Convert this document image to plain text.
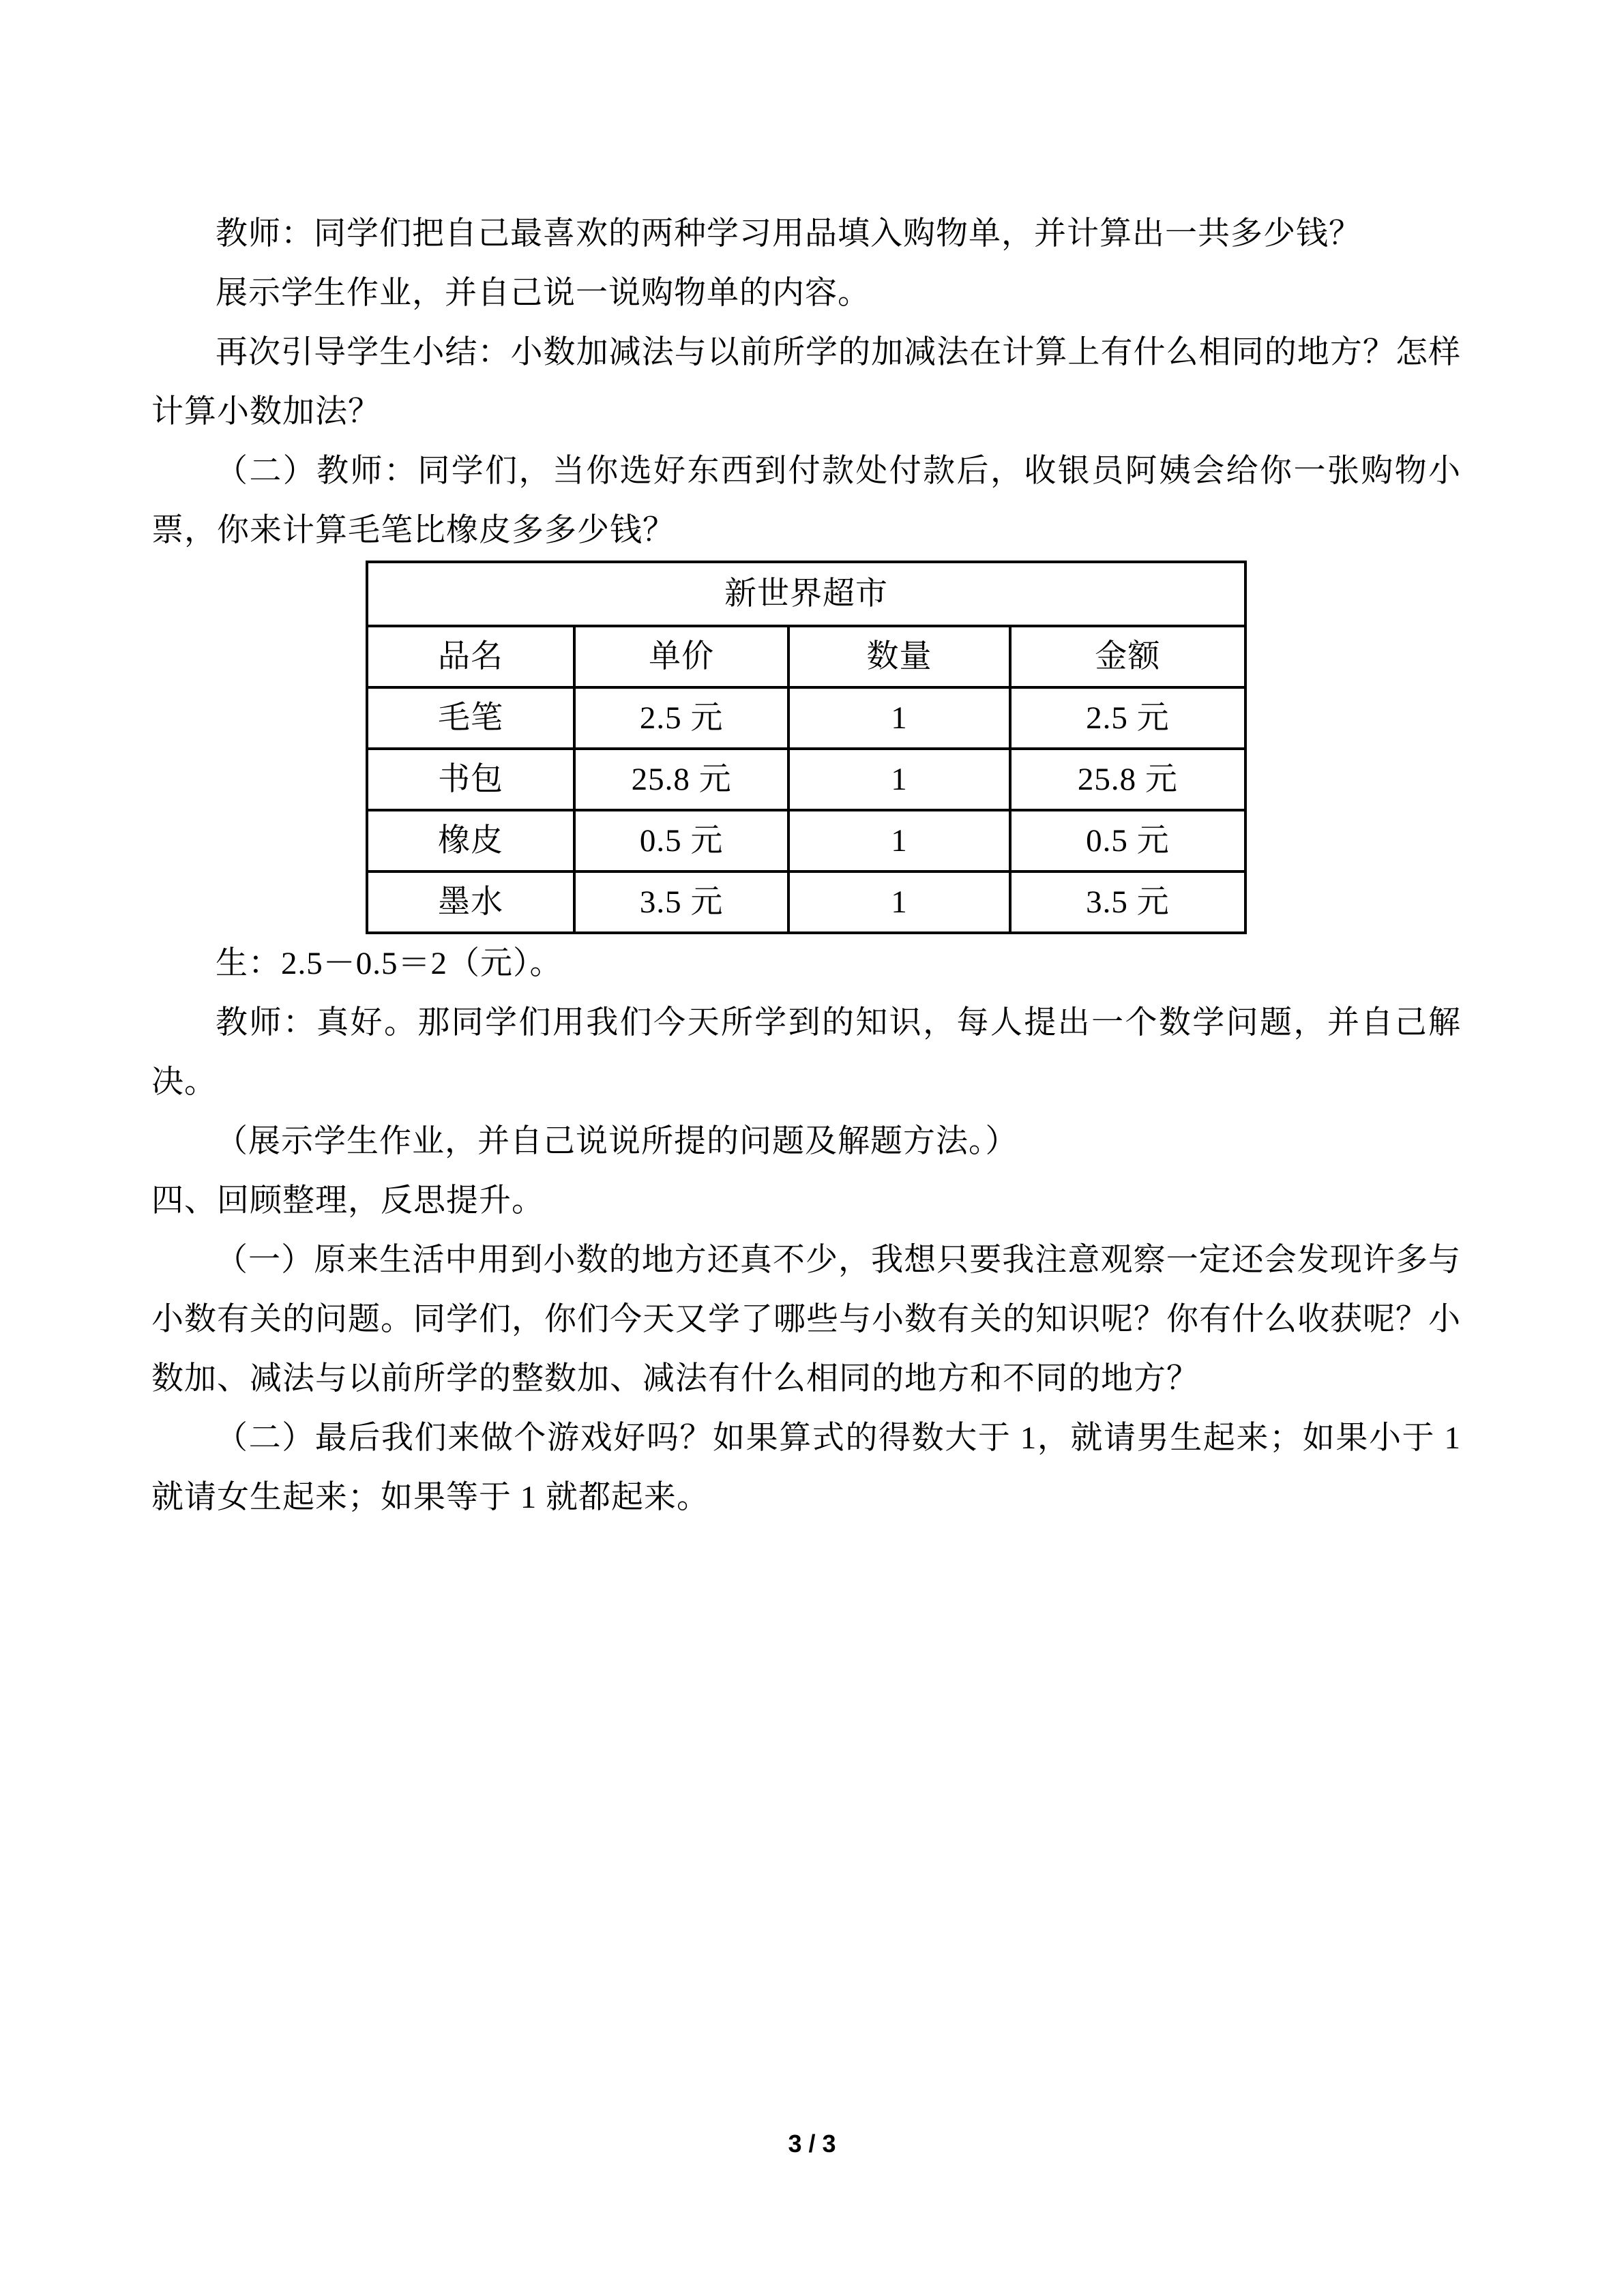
教师：同学们把自己最喜欢的两种学习用品填入购物单，并计算出一共多少钱？

展示学生作业，并自己说一说购物单的内容。

再次引导学生小结：小数加减法与以前所学的加减法在计算上有什么相同的地方？怎样计算小数加法？

（二）教师：同学们，当你选好东西到付款处付款后，收银员阿姨会给你一张购物小票，你来计算毛笔比橡皮多多少钱？

新世界超市			
品名	单价	数量	金额
毛笔	2.5 元	1	2.5 元
书包	25.8 元	1	25.8 元
橡皮	0.5 元	1	0.5 元
墨水	3.5 元	1	3.5 元

生：2.5－0.5＝2（元）。

教师：真好。那同学们用我们今天所学到的知识，每人提出一个数学问题，并自己解决。

（展示学生作业，并自己说说所提的问题及解题方法。）

四、回顾整理，反思提升。

（一）原来生活中用到小数的地方还真不少，我想只要我注意观察一定还会发现许多与小数有关的问题。同学们，你们今天又学了哪些与小数有关的知识呢？你有什么收获呢？小数加、减法与以前所学的整数加、减法有什么相同的地方和不同的地方？

（二）最后我们来做个游戏好吗？如果算式的得数大于 1，就请男生起来；如果小于 1 就请女生起来；如果等于 1 就都起来。

3 / 3
